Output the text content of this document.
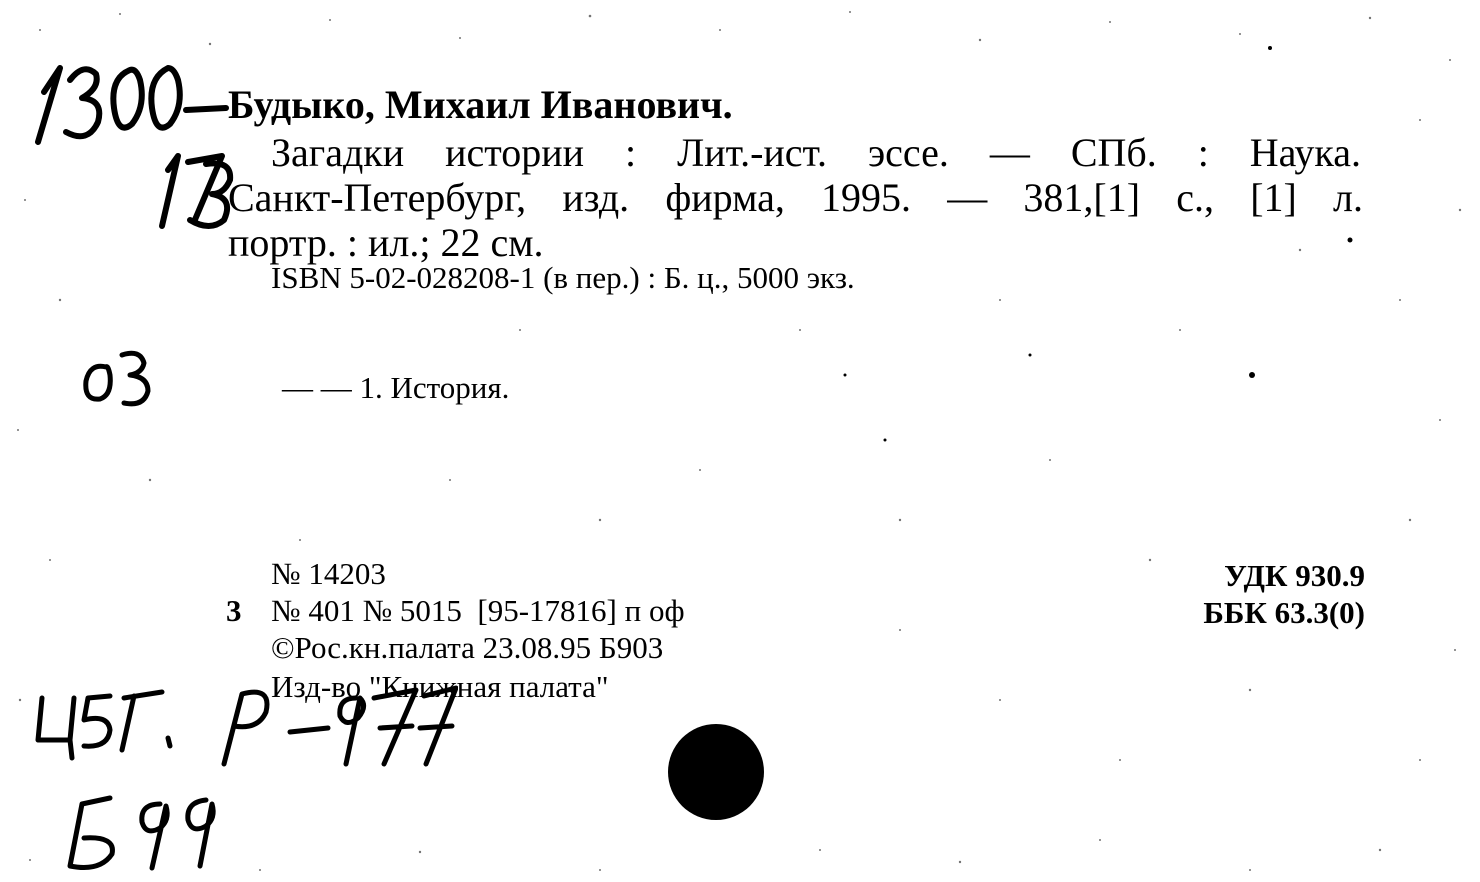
Будыко, Михаил Иванович.
Загадки истории : Лит.-ист. эссе. — СПб. : Наука.
Санкт-Петербург, изд. фирма, 1995. — 381,[1] с., [1] л.
портр. : ил.; 22 см.
ISBN 5-02-028208-1 (в пер.) : Б. ц., 5000 экз.
— — 1. История.
№ 14203
3 № 401 № 5015  [95-17816] п оф
©Рос.кн.палата 23.08.95 Б903
Изд-во "Книжная палата"
УДК 930.9
ББК 63.3(0)
